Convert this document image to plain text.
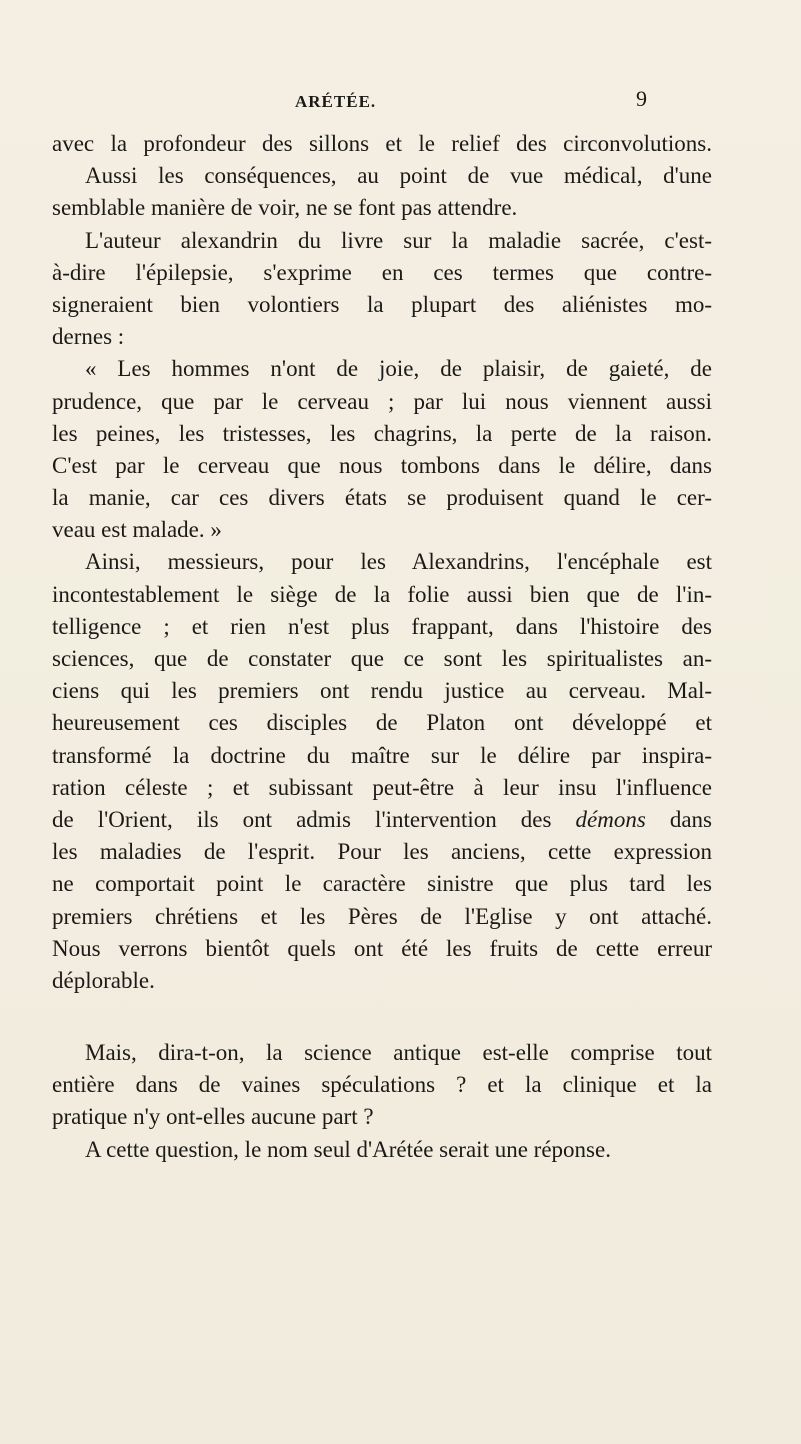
ARÉTÉE.	9
avec la profondeur des sillons et le relief des circonvolutions.
Aussi les conséquences, au point de vue médical, d'une
semblable manière de voir, ne se font pas attendre.
L'auteur alexandrin du livre sur la maladie sacrée, c'est-
à-dire l'épilepsie, s'exprime en ces termes que contre-
signeraient bien volontiers la plupart des aliénistes mo-
dernes :
« Les hommes n'ont de joie, de plaisir, de gaieté, de
prudence, que par le cerveau ; par lui nous viennent aussi
les peines, les tristesses, les chagrins, la perte de la raison.
C'est par le cerveau que nous tombons dans le délire, dans
la manie, car ces divers états se produisent quand le cer-
veau est malade. »
Ainsi, messieurs, pour les Alexandrins, l'encéphale est
incontestablement le siège de la folie aussi bien que de l'in-
telligence ; et rien n'est plus frappant, dans l'histoire des
sciences, que de constater que ce sont les spiritualistes an-
ciens qui les premiers ont rendu justice au cerveau. Mal-
heureusement ces disciples de Platon ont développé et
transformé la doctrine du maître sur le délire par inspira-
ration céleste ; et subissant peut-être à leur insu l'influence
de l'Orient, ils ont admis l'intervention des démons dans
les maladies de l'esprit. Pour les anciens, cette expression
ne comportait point le caractère sinistre que plus tard les
premiers chrétiens et les Pères de l'Eglise y ont attaché.
Nous verrons bientôt quels ont été les fruits de cette erreur
déplorable.
Mais, dira-t-on, la science antique est-elle comprise tout
entière dans de vaines spéculations ? et la clinique et la
pratique n'y ont-elles aucune part ?
A cette question, le nom seul d'Arétée serait une réponse.
